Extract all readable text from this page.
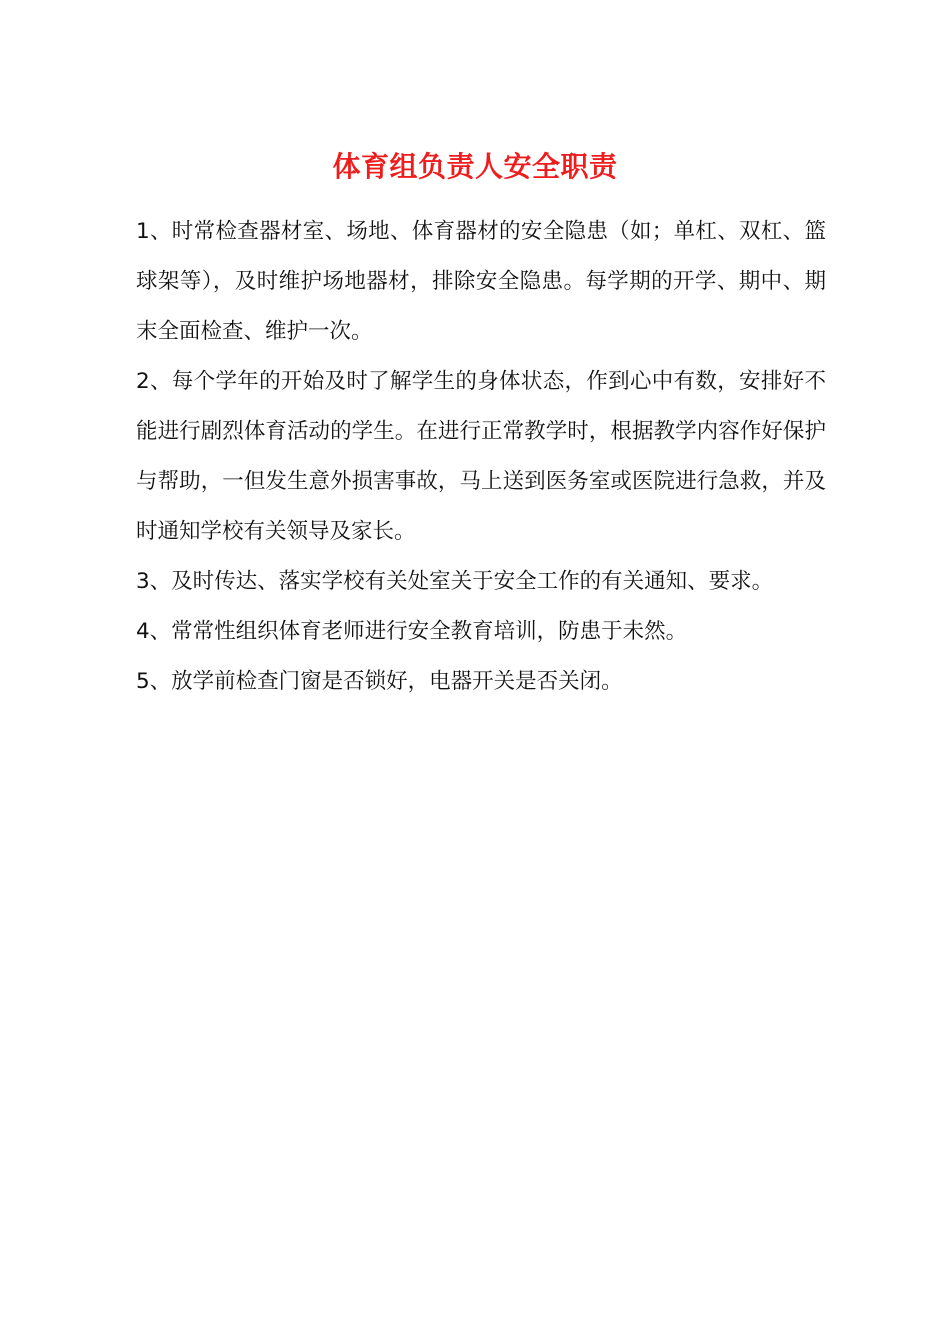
体育组负责人安全职责

1、时常检查器材室、场地、体育器材的安全隐患（如；单杠、双杠、篮球架等），及时维护场地器材，排除安全隐患。每学期的开学、期中、期末全面检查、维护一次。

2、每个学年的开始及时了解学生的身体状态，作到心中有数，安排好不能进行剧烈体育活动的学生。在进行正常教学时，根据教学内容作好保护与帮助，一但发生意外损害事故，马上送到医务室或医院进行急救，并及时通知学校有关领导及家长。

3、及时传达、落实学校有关处室关于安全工作的有关通知、要求。

4、常常性组织体育老师进行安全教育培训，防患于未然。

5、放学前检查门窗是否锁好，电器开关是否关闭。
